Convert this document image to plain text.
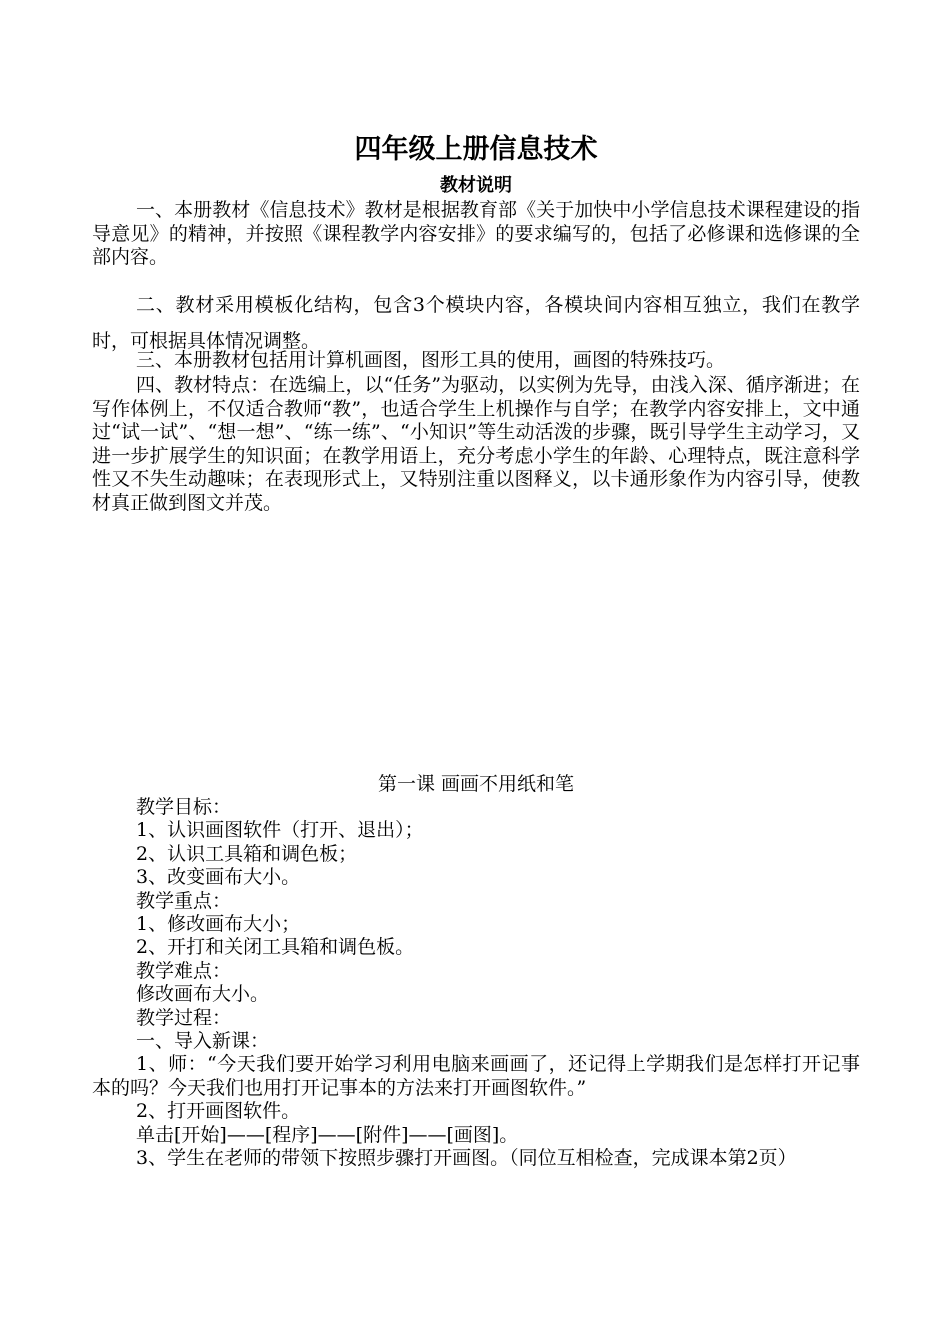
四年级上册信息技术
教材说明

一、本册教材《信息技术》教材是根据教育部《关于加快中小学信息技术课程建设的指导意见》的精神，并按照《课程教学内容安排》的要求编写的，包括了必修课和选修课的全部内容。

二、教材采用模板化结构，包含3个模块内容，各模块间内容相互独立，我们在教学时，可根据具体情况调整。

三、本册教材包括用计算机画图，图形工具的使用，画图的特殊技巧。

四、教材特点：在选编上，以“任务”为驱动，以实例为先导，由浅入深、循序渐进；在写作体例上，不仅适合教师“教”，也适合学生上机操作与自学；在教学内容安排上，文中通过“试一试”、“想一想”、“练一练”、“小知识”等生动活泼的步骤，既引导学生主动学习，又进一步扩展学生的知识面；在教学用语上，充分考虑小学生的年龄、心理特点，既注意科学性又不失生动趣味；在表现形式上，又特别注重以图释义，以卡通形象作为内容引导，使教材真正做到图文并茂。

第一课 画画不用纸和笔
教学目标：
1、认识画图软件（打开、退出）；
2、认识工具箱和调色板；
3、改变画布大小。
教学重点：
1、修改画布大小；
2、开打和关闭工具箱和调色板。
教学难点：
修改画布大小。
教学过程：
一、导入新课：
1、师：“今天我们要开始学习利用电脑来画画了，还记得上学期我们是怎样打开记事本的吗？今天我们也用打开记事本的方法来打开画图软件。”
2、打开画图软件。
单击[开始]——[程序]——[附件]——[画图]。
3、学生在老师的带领下按照步骤打开画图。（同位互相检查，完成课本第2页）
